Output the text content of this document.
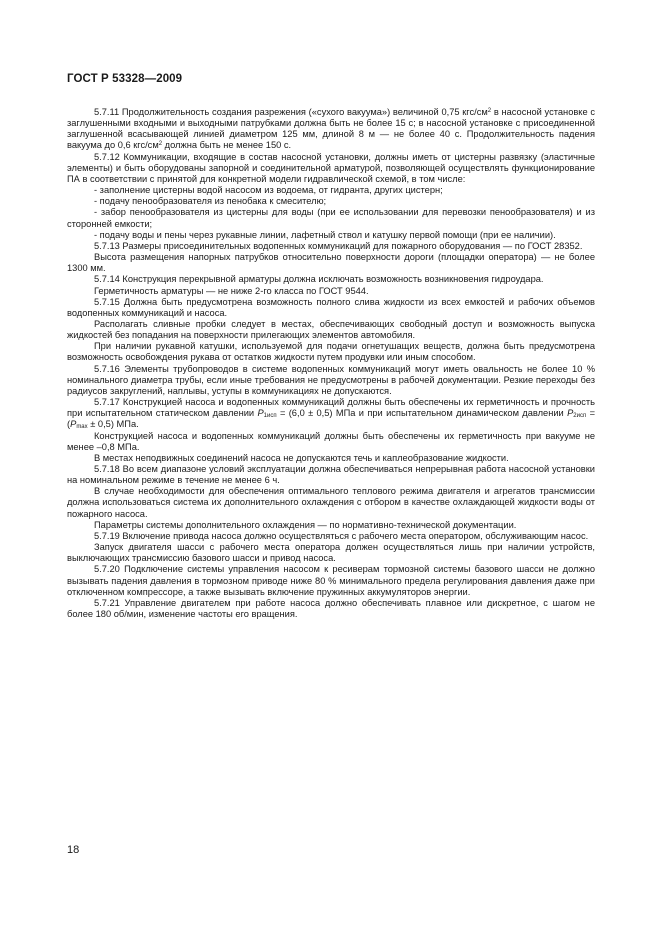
ГОСТ Р 53328—2009

5.7.11 Продолжительность создания разрежения («сухого вакуума») величиной 0,75 кгс/$см^2$ в насосной установке с заглушенными входными и выходными патрубками должна быть не более 15 с; в насосной установке с присоединенной заглушенной всасывающей линией диаметром 125 мм, длиной 8 м — не более 40 с. Продолжительность падения вакуума до 0,6 кгс/$см^2$ должна быть не менее 150 с.

5.7.12 Коммуникации, входящие в состав насосной установки, должны иметь от цистерны развязку (эластичные элементы) и быть оборудованы запорной и соединительной арматурой, позволяющей осуществлять функционирование ПА в соответствии с принятой для конкретной модели гидравлической схемой, в том числе:

- заполнение цистерны водой насосом из водоема, от гидранта, других цистерн;

- подачу пенообразователя из пенобака к смесителю;

- забор пенообразователя из цистерны для воды (при ее использовании для перевозки пенообразователя) и из сторонней емкости;

- подачу воды и пены через рукавные линии, лафетный ствол и катушку первой помощи (при ее наличии).

5.7.13 Размеры присоединительных водопенных коммуникаций для пожарного оборудования — по ГОСТ 28352.

Высота размещения напорных патрубков относительно поверхности дороги (площадки оператора) — не более 1300 мм.

5.7.14 Конструкция перекрывной арматуры должна исключать возможность возникновения гидроудара.

Герметичность арматуры — не ниже 2-го класса по ГОСТ 9544.

5.7.15 Должна быть предусмотрена возможность полного слива жидкости из всех емкостей и рабочих объемов водопенных коммуникаций и насоса.

Располагать сливные пробки следует в местах, обеспечивающих свободный доступ и возможность выпуска жидкостей без попадания на поверхности прилегающих элементов автомобиля.

При наличии рукавной катушки, используемой для подачи огнетушащих веществ, должна быть предусмотрена возможность освобождения рукава от остатков жидкости путем продувки или иным способом.

5.7.16 Элементы трубопроводов в системе водопенных коммуникаций могут иметь овальность не более 10 % номинального диаметра трубы, если иные требования не предусмотрены в рабочей документации. Резкие переходы без радиусов закруглений, наплывы, уступы в коммуникациях не допускаются.

5.7.17 Конструкцией насоса и водопенных коммуникаций должны быть обеспечены их герметичность и прочность при испытательном статическом давлении $P_{1исп} = (6,0 \pm 0,5)$ МПа и при испытательном динамическом давлении $P_{2исп} = (P_{max} \pm 0,5)$ МПа.

Конструкцией насоса и водопенных коммуникаций должны быть обеспечены их герметичность при вакууме не менее –0,8 МПа.

В местах неподвижных соединений насоса не допускаются течь и каплеобразование жидкости.

5.7.18 Во всем диапазоне условий эксплуатации должна обеспечиваться непрерывная работа насосной установки на номинальном режиме в течение не менее 6 ч.

В случае необходимости для обеспечения оптимального теплового режима двигателя и агрегатов трансмиссии должна использоваться система их дополнительного охлаждения с отбором в качестве охлаждающей жидкости воды от пожарного насоса.

Параметры системы дополнительного охлаждения — по нормативно-технической документации.

5.7.19 Включение привода насоса должно осуществляться с рабочего места оператором, обслуживающим насос.

Запуск двигателя шасси с рабочего места оператора должен осуществляться лишь при наличии устройств, выключающих трансмиссию базового шасси и привод насоса.

5.7.20 Подключение системы управления насосом к ресиверам тормозной системы базового шасси не должно вызывать падения давления в тормозном приводе ниже 80 % минимального предела регулирования давления даже при отключенном компрессоре, а также вызывать включение пружинных аккумуляторов энергии.

5.7.21 Управление двигателем при работе насоса должно обеспечивать плавное или дискретное, с шагом не более 180 об/мин, изменение частоты его вращения.

18
